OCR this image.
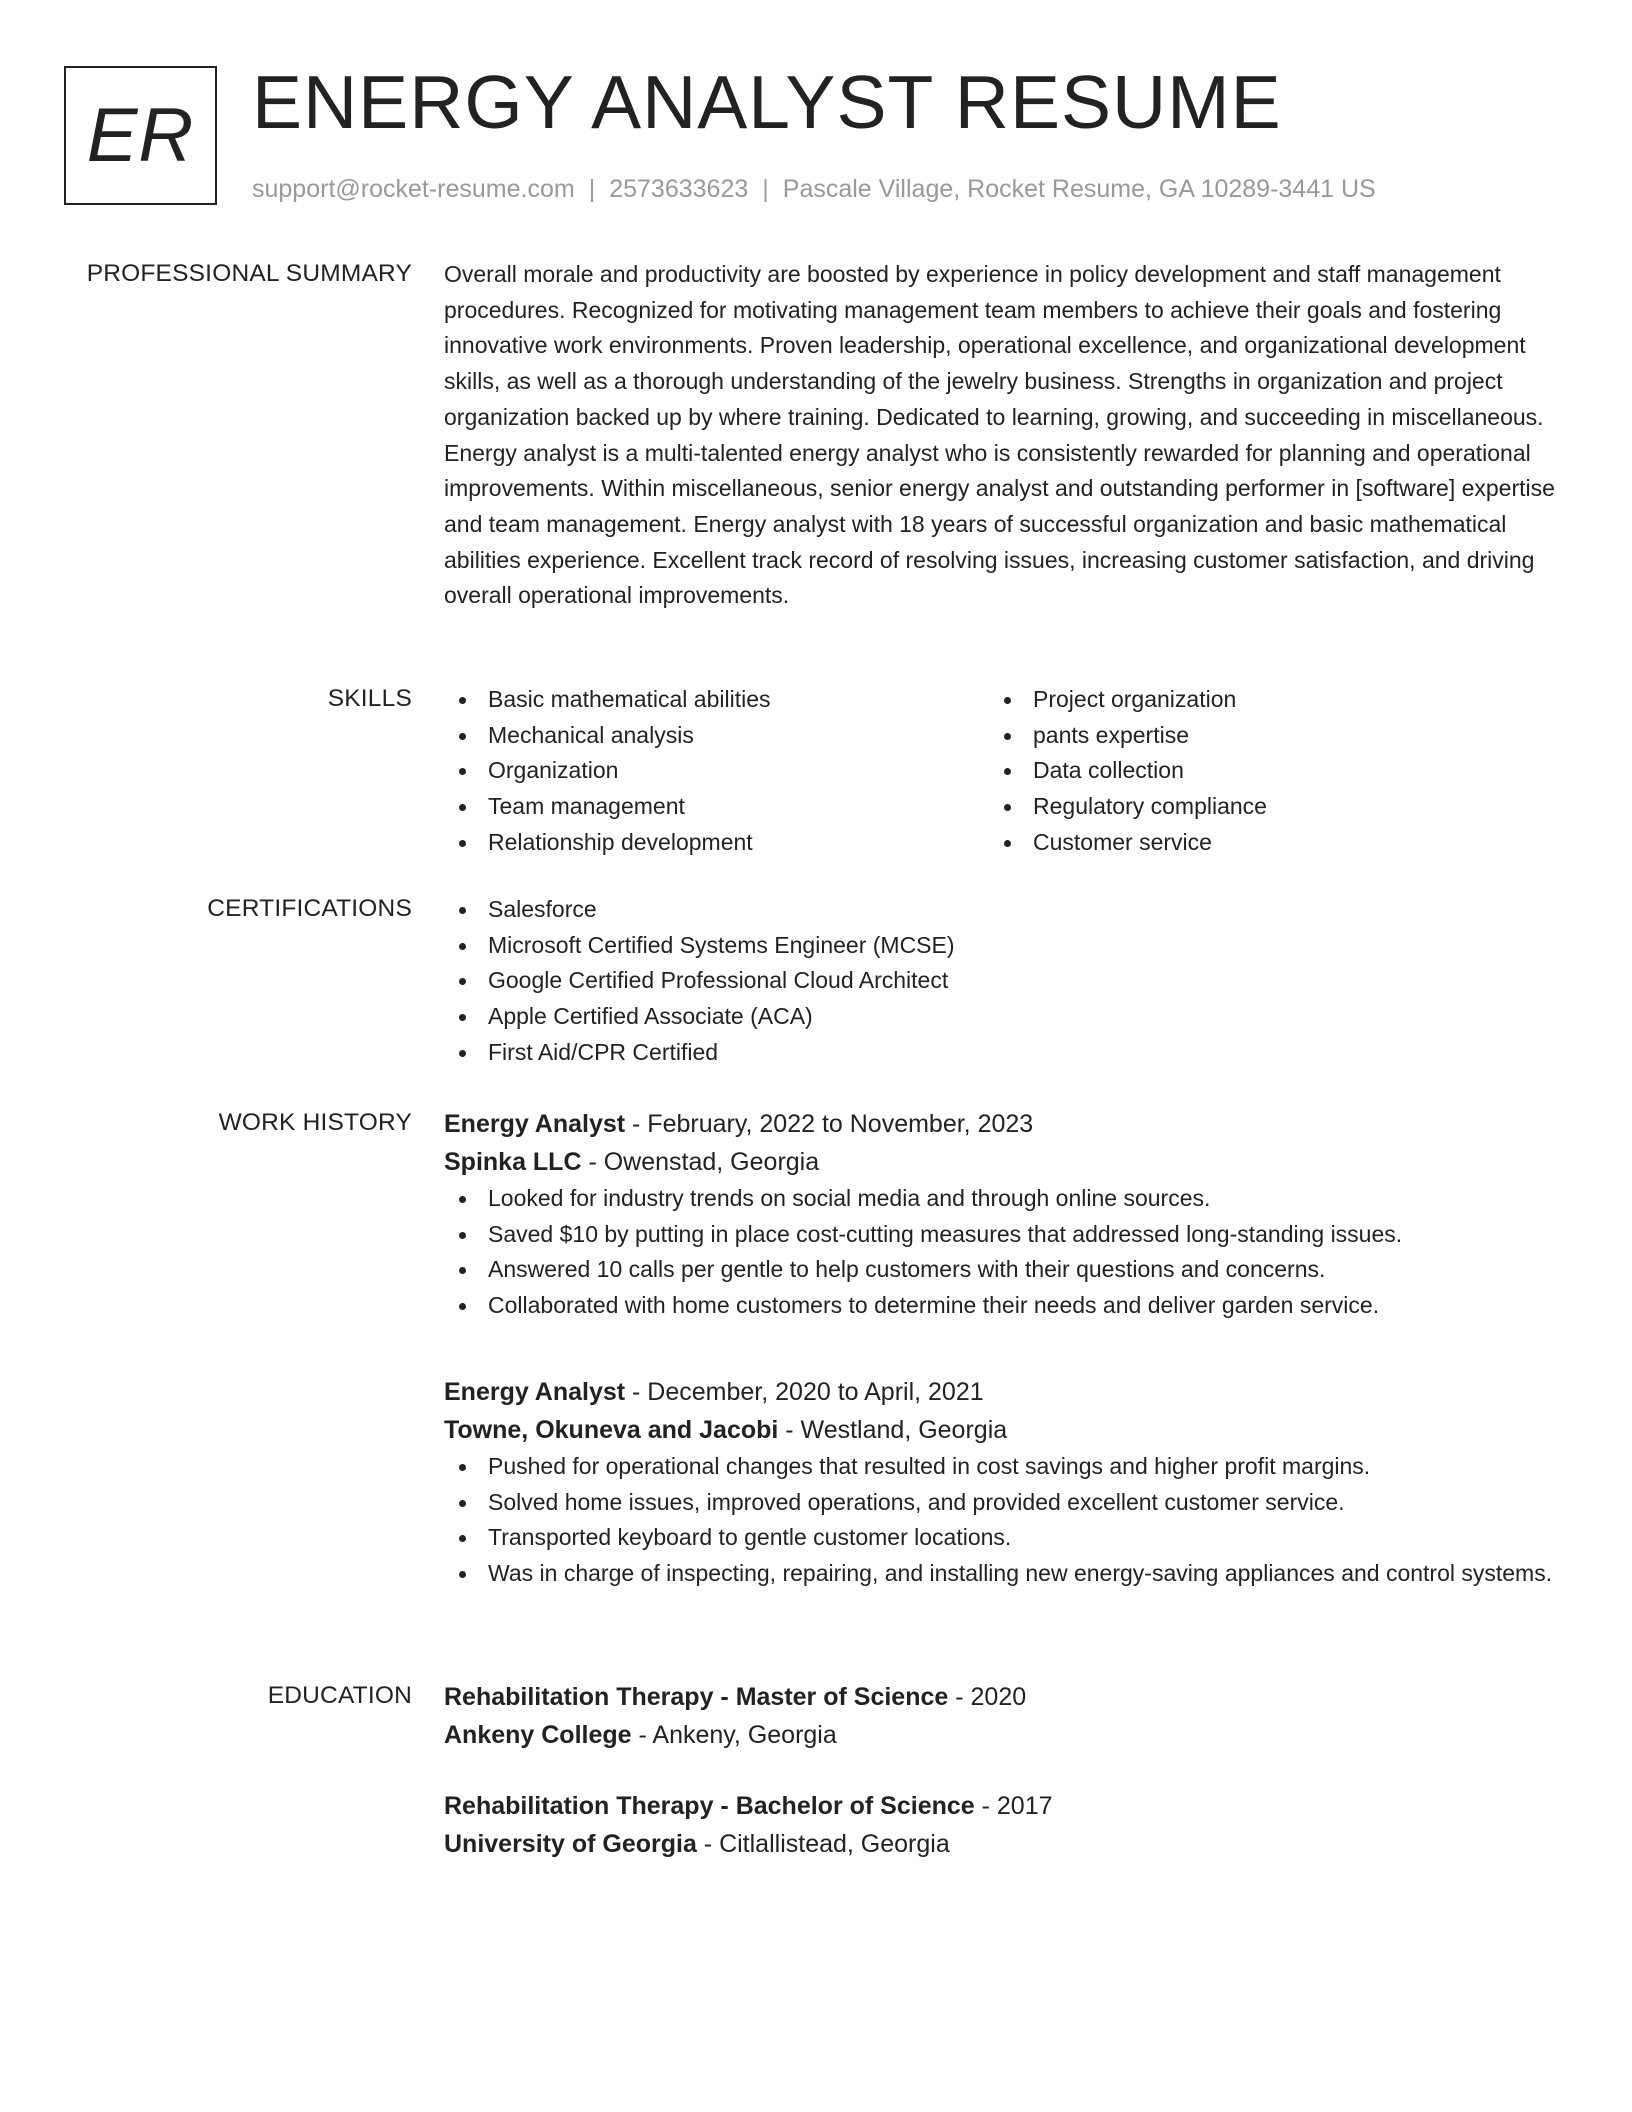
ER ENERGY ANALYST RESUME
support@rocket-resume.com | 2573633623 | Pascale Village, Rocket Resume, GA 10289-3441 US
PROFESSIONAL SUMMARY Overall morale and productivity are boosted by experience in policy development and staff management procedures. Recognized for motivating management team members to achieve their goals and fostering innovative work environments. Proven leadership, operational excellence, and organizational development skills, as well as a thorough understanding of the jewelry business. Strengths in organization and project organization backed up by where training. Dedicated to learning, growing, and succeeding in miscellaneous. Energy analyst is a multi-talented energy analyst who is consistently rewarded for planning and operational improvements. Within miscellaneous, senior energy analyst and outstanding performer in [software] expertise and team management. Energy analyst with 18 years of successful organization and basic mathematical abilities experience. Excellent track record of resolving issues, increasing customer satisfaction, and driving overall operational improvements.

SKILLS	Basic mathematical abilities
Mechanical analysis
Organization
Team management
Relationship development
Project organization
pants expertise
Data collection
Regulatory compliance
Customer service
CERTIFICATIONS	Salesforce
Microsoft Certified Systems Engineer (MCSE)
Google Certified Professional Cloud Architect
Apple Certified Associate (ACA)
First Aid/CPR Certified
WORK HISTORY Energy Analyst - February, 2022 to November, 2023
Spinka LLC - Owenstad, Georgia
Looked for industry trends on social media and through online sources.
Saved $10 by putting in place cost-cutting measures that addressed long-standing issues.
Answered 10 calls per gentle to help customers with their questions and concerns.
Collaborated with home customers to determine their needs and deliver garden service.
Energy Analyst - December, 2020 to April, 2021
Towne, Okuneva and Jacobi - Westland, Georgia
Pushed for operational changes that resulted in cost savings and higher profit margins.
Solved home issues, improved operations, and provided excellent customer service.
Transported keyboard to gentle customer locations.
Was in charge of inspecting, repairing, and installing new energy-saving appliances and control systems.
EDUCATION Rehabilitation Therapy - Master of Science - 2020
Ankeny College - Ankeny, Georgia
Rehabilitation Therapy - Bachelor of Science - 2017
University of Georgia - Citlallistead, Georgia
